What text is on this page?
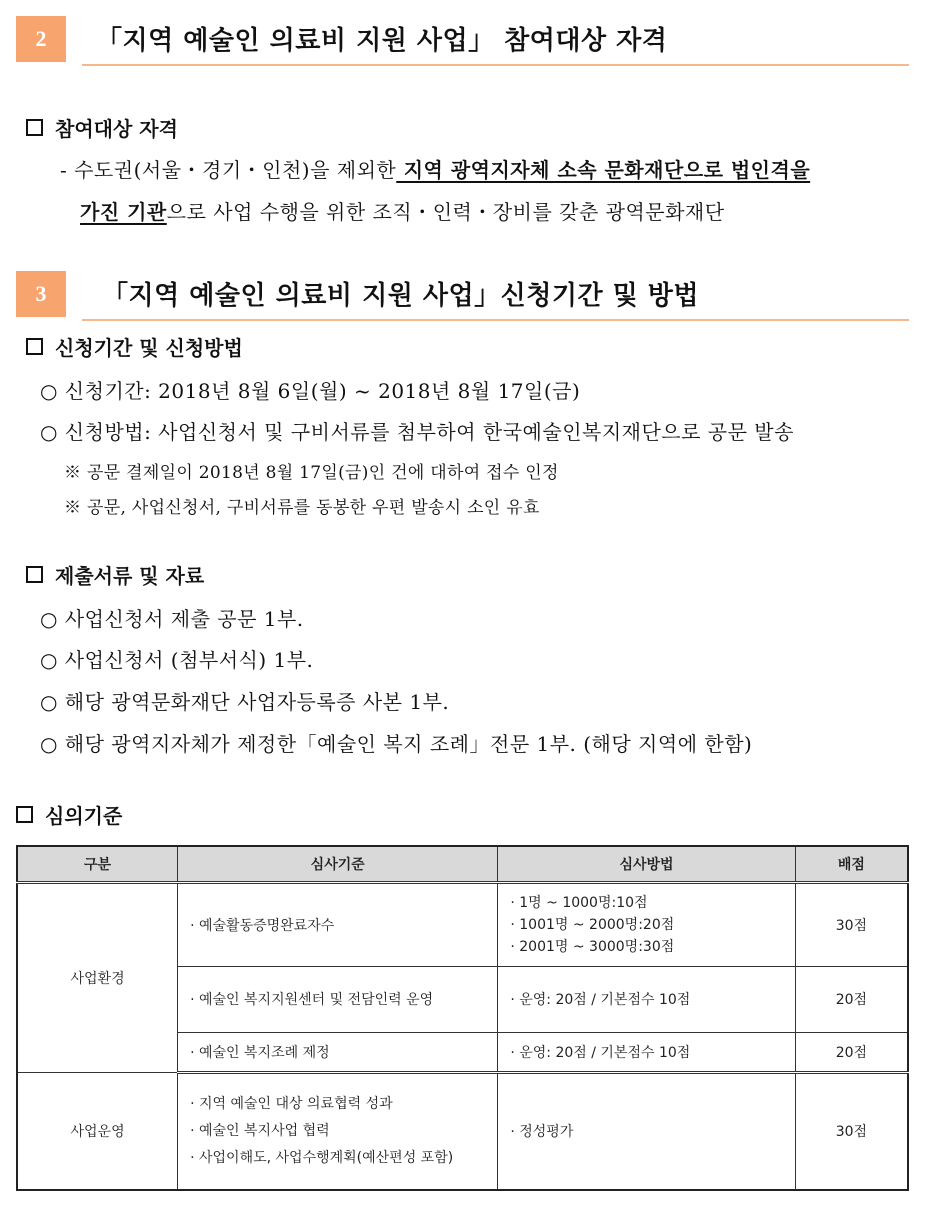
2	「지역 예술인 의료비 지원 사업」 참여대상 자격
참여대상 자격
- 수도권(서울・경기・인천)을 제외한 지역 광역지자체 소속 문화재단으로 법인격을
가진 기관으로 사업 수행을 위한 조직・인력・장비를 갖춘 광역문화재단
3	「지역 예술인 의료비 지원 사업」신청기간 및 방법
신청기간 및 신청방법
○ 신청기간: 2018년 8월 6일(월) ~ 2018년 8월 17일(금)
○ 신청방법: 사업신청서 및 구비서류를 첨부하여 한국예술인복지재단으로 공문 발송
※ 공문 결제일이 2018년 8월 17일(금)인 건에 대하여 접수 인정
※ 공문, 사업신청서, 구비서류를 동봉한 우편 발송시 소인 유효
제출서류 및 자료
○ 사업신청서 제출 공문 1부.
○ 사업신청서 (첨부서식) 1부.
○ 해당 광역문화재단 사업자등록증 사본 1부.
○ 해당 광역지자체가 제정한「예술인 복지 조례」전문 1부. (해당 지역에 한함)
심의기준
구분	심사기준	심사방법	배점
사업환경	· 예술활동증명완료자수	· 1명 ~ 1000명:10점
· 1001명 ~ 2000명:20점
· 2001명 ~ 3000명:30점	30점
	· 예술인 복지지원센터 및 전담인력 운영	· 운영: 20점 / 기본점수 10점	20점
	· 예술인 복지조례 제정	· 운영: 20점 / 기본점수 10점	20점
사업운영	· 지역 예술인 대상 의료협력 성과
· 예술인 복지사업 협력
· 사업이해도, 사업수행계획(예산편성 포함)	· 정성평가	30점
